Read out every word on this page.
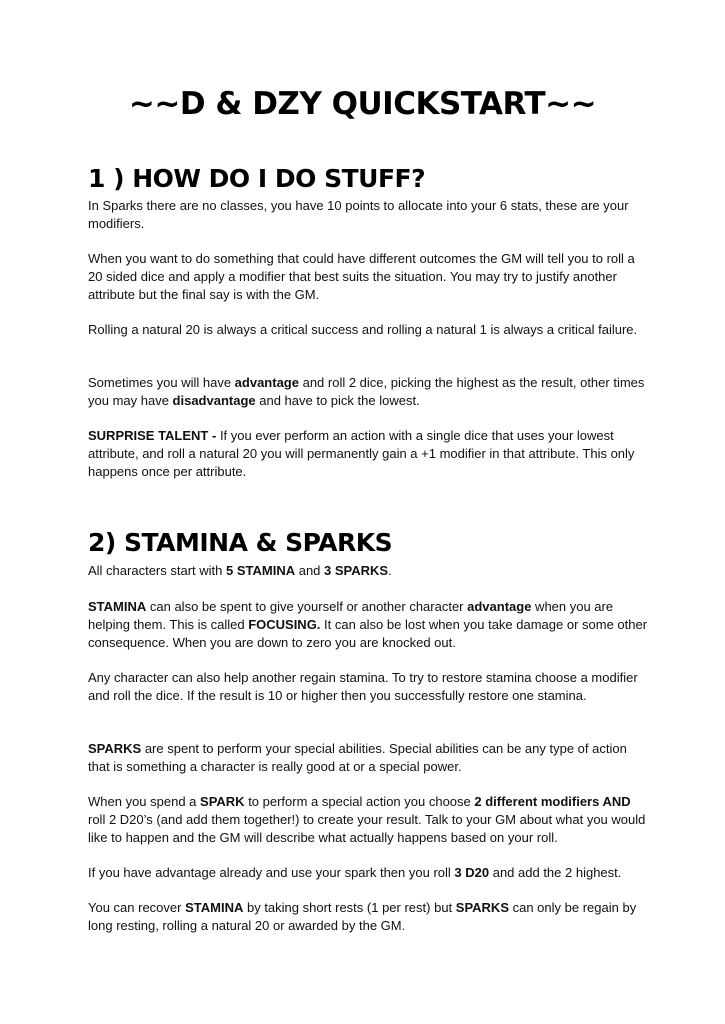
~~D & DZY QUICKSTART~~
1 ) HOW DO I DO STUFF?

In Sparks there are no classes, you have 10 points to allocate into your 6 stats, these are your modifiers.

When you want to do something that could have different outcomes the GM will tell you to roll a 20 sided dice and apply a modifier that best suits the situation. You may try to justify another attribute but the final say is with the GM.

Rolling a natural 20 is always a critical success and rolling a natural 1 is always a critical failure.

Sometimes you will have advantage and roll 2 dice, picking the highest as the result, other times you may have disadvantage and have to pick the lowest.

SURPRISE TALENT - If you ever perform an action with a single dice that uses your lowest attribute, and roll a natural 20 you will permanently gain a +1 modifier in that attribute. This only happens once per attribute.

2) STAMINA & SPARKS

All characters start with 5 STAMINA and 3 SPARKS.

STAMINA can also be spent to give yourself or another character advantage when you are helping them. This is called FOCUSING. It can also be lost when you take damage or some other consequence. When you are down to zero you are knocked out.

Any character can also help another regain stamina. To try to restore stamina choose a modifier and roll the dice. If the result is 10 or higher then you successfully restore one stamina.

SPARKS are spent to perform your special abilities. Special abilities can be any type of action that is something a character is really good at or a special power.

When you spend a SPARK to perform a special action you choose 2 different modifiers AND roll 2 D20’s (and add them together!) to create your result. Talk to your GM about what you would like to happen and the GM will describe what actually happens based on your roll.

If you have advantage already and use your spark then you roll 3 D20 and add the 2 highest.

You can recover STAMINA by taking short rests (1 per rest) but SPARKS can only be regain by long resting, rolling a natural 20 or awarded by the GM.
